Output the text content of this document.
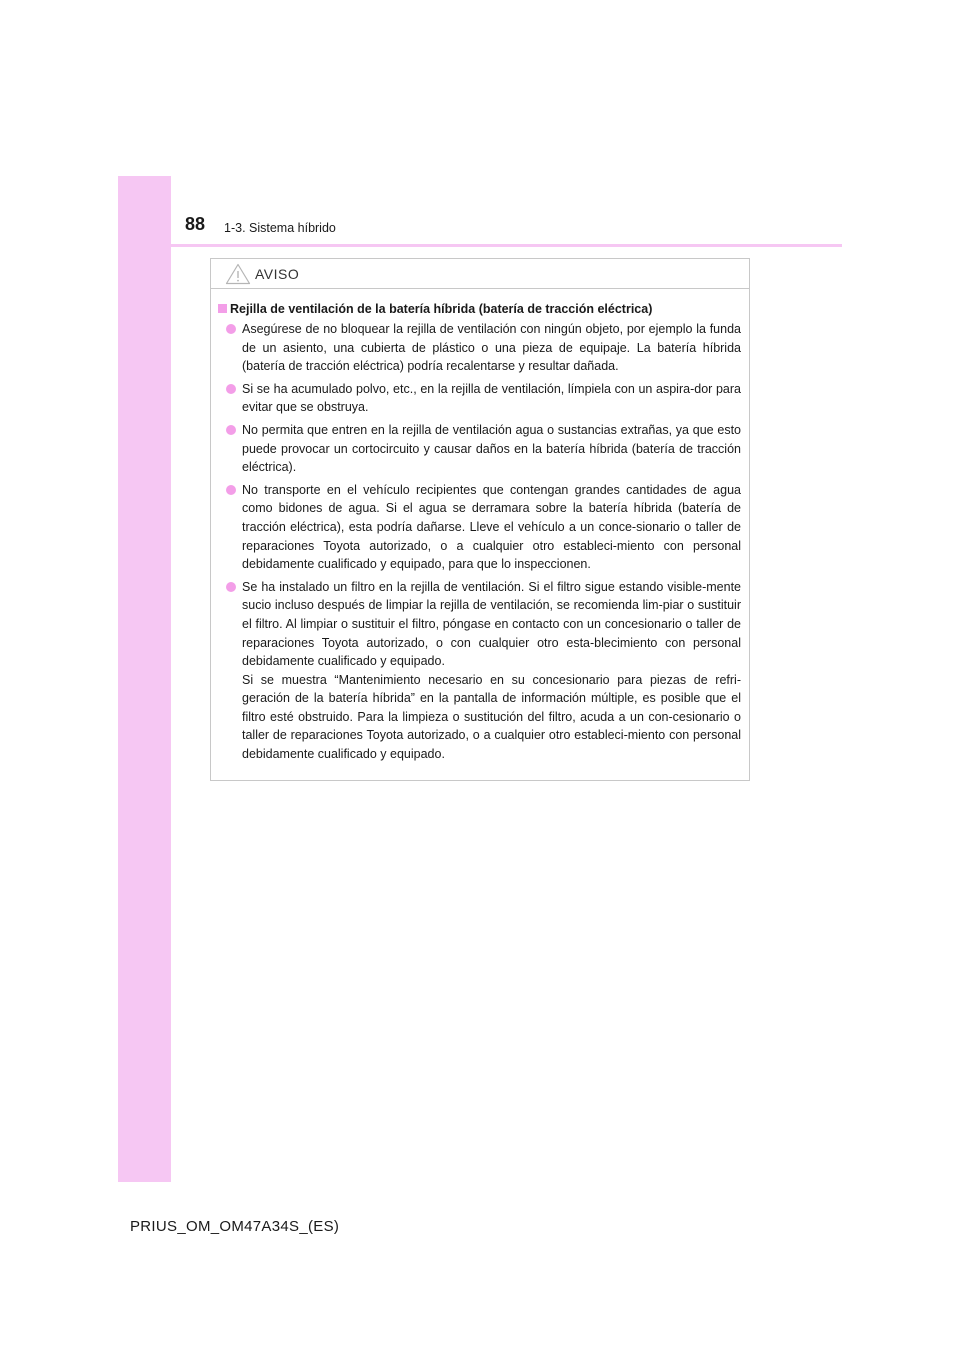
88 1-3. Sistema híbrido
AVISO
Rejilla de ventilación de la batería híbrida (batería de tracción eléctrica)

Asegúrese de no bloquear la rejilla de ventilación con ningún objeto, por ejemplo la funda de un asiento, una cubierta de plástico o una pieza de equipaje. La batería híbrida (batería de tracción eléctrica) podría recalentarse y resultar dañada.

Si se ha acumulado polvo, etc., en la rejilla de ventilación, límpiela con un aspira-dor para evitar que se obstruya.

No permita que entren en la rejilla de ventilación agua o sustancias extrañas, ya que esto puede provocar un cortocircuito y causar daños en la batería híbrida (batería de tracción eléctrica).

No transporte en el vehículo recipientes que contengan grandes cantidades de agua como bidones de agua. Si el agua se derramara sobre la batería híbrida (batería de tracción eléctrica), esta podría dañarse. Lleve el vehículo a un conce-sionario o taller de reparaciones Toyota autorizado, o a cualquier otro estableci-miento con personal debidamente cualificado y equipado, para que lo inspeccionen.

Se ha instalado un filtro en la rejilla de ventilación. Si el filtro sigue estando visible-mente sucio incluso después de limpiar la rejilla de ventilación, se recomienda lim-piar o sustituir el filtro. Al limpiar o sustituir el filtro, póngase en contacto con un concesionario o taller de reparaciones Toyota autorizado, o con cualquier otro esta-blecimiento con personal debidamente cualificado y equipado.

Si se muestra “Mantenimiento necesario en su concesionario para piezas de refri-geración de la batería híbrida” en la pantalla de información múltiple, es posible que el filtro esté obstruido. Para la limpieza o sustitución del filtro, acuda a un con-cesionario o taller de reparaciones Toyota autorizado, o a cualquier otro estableci-miento con personal debidamente cualificado y equipado.

PRIUS_OM_OM47A34S_(ES)
